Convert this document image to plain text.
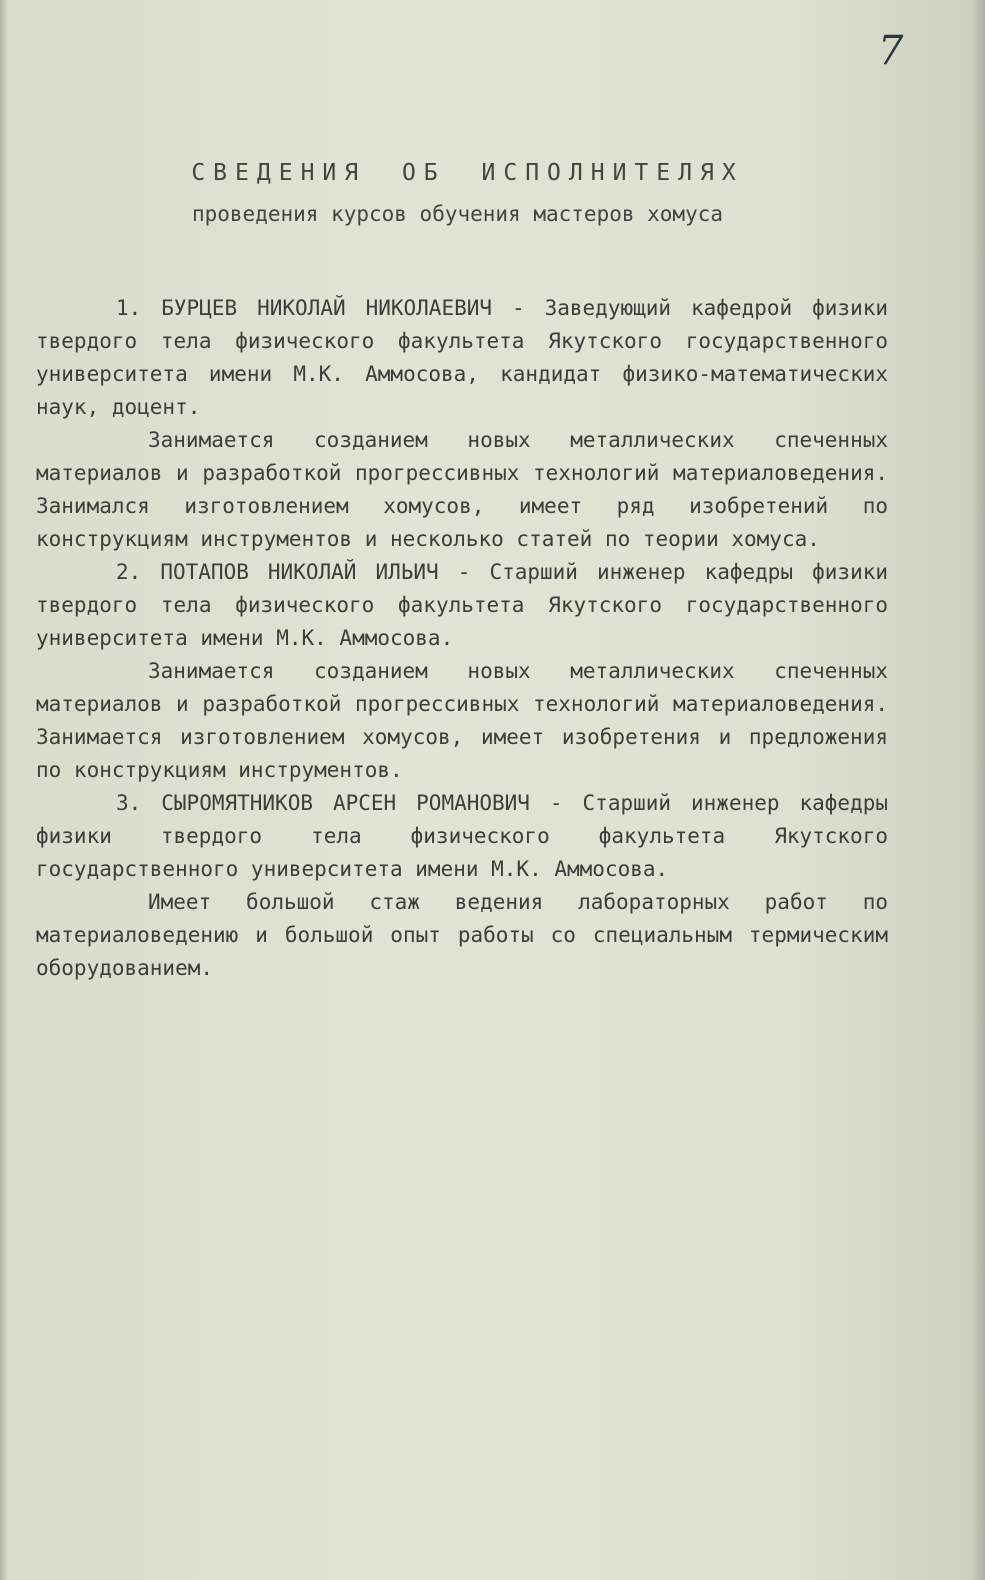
7
СВЕДЕНИЯ ОБ ИСПОЛНИТЕЛЯХ
проведения курсов обучения мастеров хомуса

1. БУРЦЕВ НИКОЛАЙ НИКОЛАЕВИЧ - Заведующий кафедрой физики твердого тела физического факультета Якутского государственного университета имени М.К. Аммосова, кандидат физико-математических наук, доцент.

Занимается созданием новых металлических спеченных материалов и разработкой прогрессивных технологий материаловедения. Занимался изготовлением хомусов, имеет ряд изобретений по конструкциям инструментов и несколько статей по теории хомуса.

2. ПОТАПОВ НИКОЛАЙ ИЛЬИЧ - Старший инженер кафедры физики твердого тела физического факультета Якутского государственного университета имени М.К. Аммосова.

Занимается созданием новых металлических спеченных материалов и разработкой прогрессивных технологий материаловедения. Занимается изготовлением хомусов, имеет изобретения и предложения по конструкциям инструментов.

3. СЫРОМЯТНИКОВ АРСЕН РОМАНОВИЧ - Старший инженер кафедры физики твердого тела физического факультета Якутского государственного университета имени М.К. Аммосова.

Имеет большой стаж ведения лабораторных работ по материаловедению и большой опыт работы со специальным термическим оборудованием.
